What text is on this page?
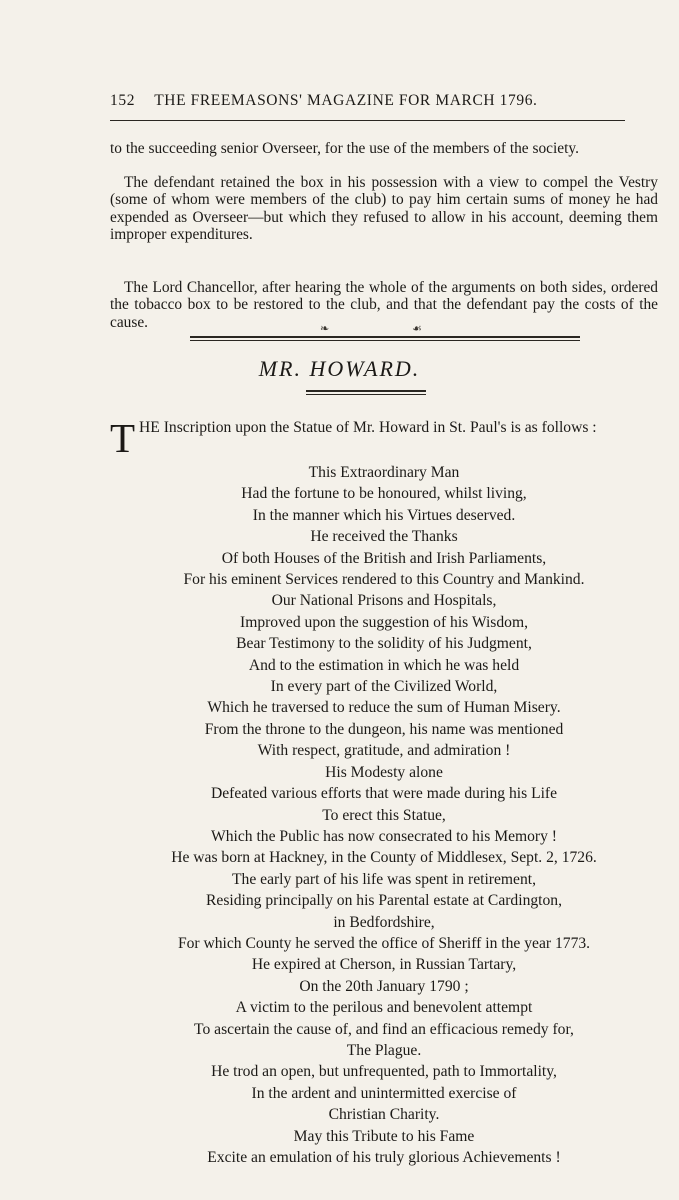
152 THE FREEMASONS' MAGAZINE FOR MARCH 1796.
to the succeeding senior Overseer, for the use of the members of the society.
The defendant retained the box in his possession with a view to compel the Vestry (some of whom were members of the club) to pay him certain sums of money he had expended as Overseer—but which they refused to allow in his account, deeming them improper expenditures.
The Lord Chancellor, after hearing the whole of the arguments on both sides, ordered the tobacco box to be restored to the club, and that the defendant pay the costs of the cause.	❧	☙
MR. HOWARD.
T HE Inscription upon the Statue of Mr. Howard in St. Paul's is as follows :
This Extraordinary Man
Had the fortune to be honoured, whilst living,
In the manner which his Virtues deserved.
He received the Thanks
Of both Houses of the British and Irish Parliaments,
For his eminent Services rendered to this Country and Mankind.
Our National Prisons and Hospitals,
Improved upon the suggestion of his Wisdom,
Bear Testimony to the solidity of his Judgment,
And to the estimation in which he was held
In every part of the Civilized World,
Which he traversed to reduce the sum of Human Misery.
From the throne to the dungeon, his name was mentioned
With respect, gratitude, and admiration !
His Modesty alone
Defeated various efforts that were made during his Life
To erect this Statue,
Which the Public has now consecrated to his Memory !
He was born at Hackney, in the County of Middlesex, Sept. 2, 1726.
The early part of his life was spent in retirement,
Residing principally on his Parental estate at Cardington,
in Bedfordshire,
For which County he served the office of Sheriff in the year 1773.
He expired at Cherson, in Russian Tartary,
On the 20th January 1790 ;
A victim to the perilous and benevolent attempt
To ascertain the cause of, and find an efficacious remedy for,
The Plague.
He trod an open, but unfrequented, path to Immortality,
In the ardent and unintermitted exercise of
Christian Charity.
May this Tribute to his Fame
Excite an emulation of his truly glorious Achievements !
